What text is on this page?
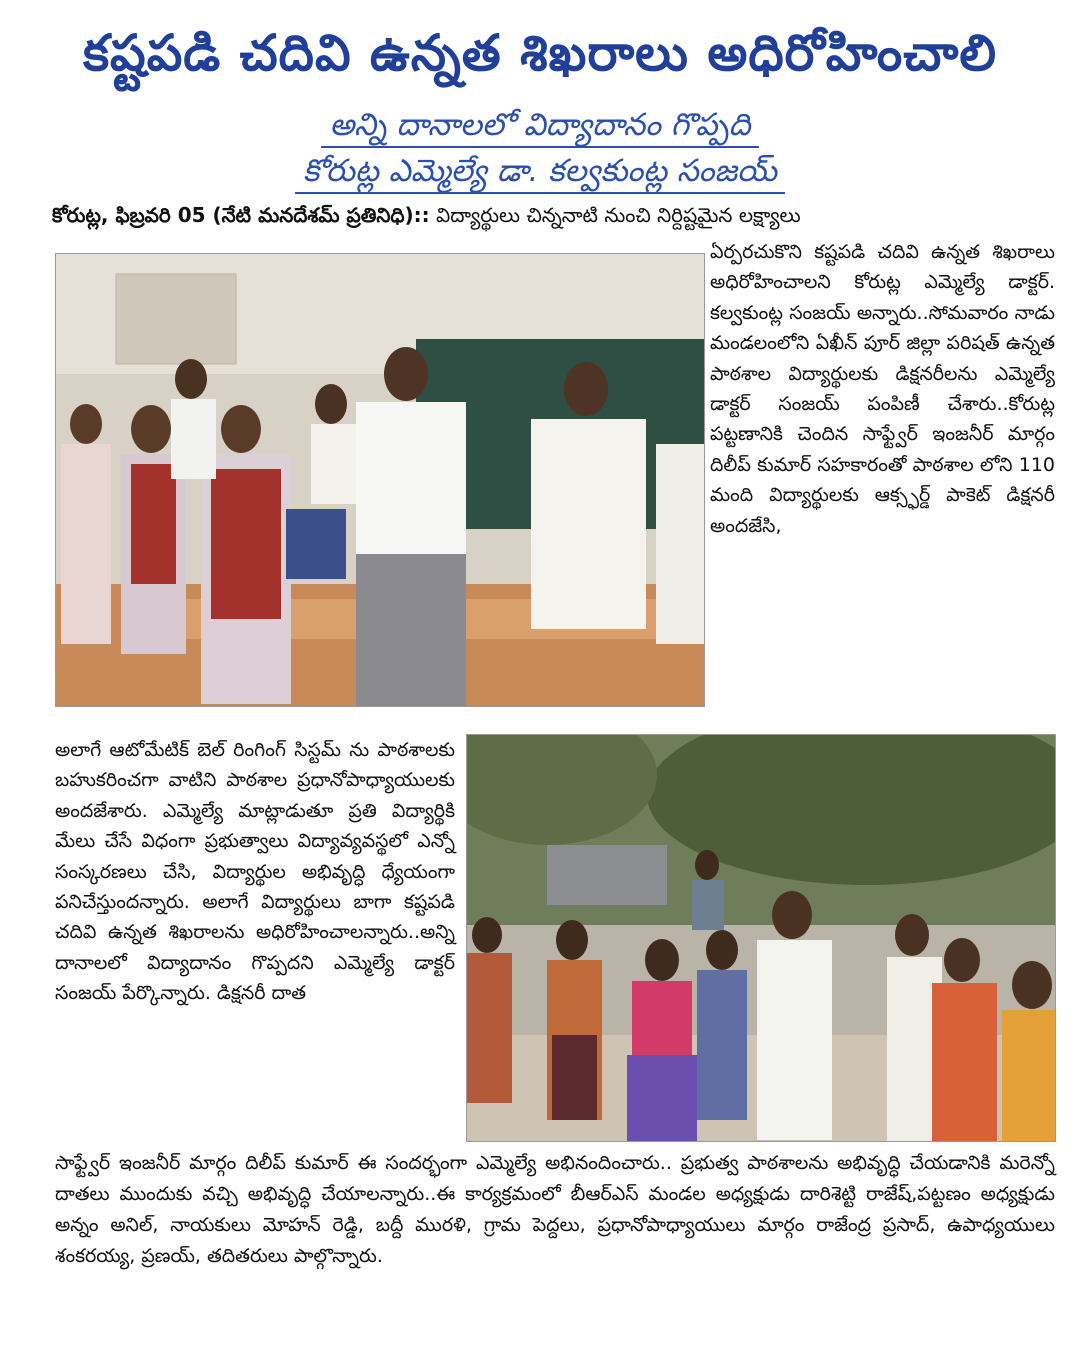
కష్టపడి చదివి ఉన్నత శిఖరాలు అధిరోహించాలి
అన్ని దానాలలో విద్యాదానం గొప్పది
కోరుట్ల ఎమ్మెల్యే డా. కల్వకుంట్ల సంజయ్
కోరుట్ల, ఫిబ్రవరి 05 (నేటి మనదేశమ్ ప్రతినిధి):: విద్యార్థులు చిన్ననాటి నుంచి నిర్దిష్టమైన లక్ష్యాలు

ఏర్పరచుకొని కష్టపడి చదివి ఉన్నత శిఖరాలు అధిరోహించాలని కోరుట్ల ఎమ్మెల్యే డాక్టర్. కల్వకుంట్ల సంజయ్ అన్నారు..సోమవారం నాడు మండలంలోని ఏఖీన్ పూర్ జిల్లా పరిషత్ ఉన్నత పాఠశాల విద్యార్థులకు డిక్షనరీలను ఎమ్మెల్యే డాక్టర్ సంజయ్ పంపిణీ చేశారు..కోరుట్ల పట్టణానికి చెందిన సాఫ్ట్వేర్ ఇంజనీర్ మార్గం దిలీప్ కుమార్ సహకారంతో పాఠశాల లోని 110 మంది విద్యార్థులకు ఆక్స్ఫర్డ్ పాకెట్ డిక్షనరీ అందజేసి,

అలాగే ఆటోమేటిక్ బెల్ రింగింగ్ సిస్టమ్ ను పాఠశాలకు బహుకరించగా వాటిని పాఠశాల ప్రధానోపాధ్యాయులకు అందజేశారు. ఎమ్మెల్యే మాట్లాడుతూ ప్రతి విద్యార్థికి మేలు చేసే విధంగా ప్రభుత్వాలు విద్యావ్యవస్థలో ఎన్నో సంస్కరణలు చేసి, విద్యార్థుల అభివృద్ధి ధ్యేయంగా పనిచేస్తుందన్నారు. అలాగే విద్యార్థులు బాగా కష్టపడి చదివి ఉన్నత శిఖరాలను అధిరోహించాలన్నారు..అన్ని దానాలలో విద్యాదానం గొప్పదని ఎమ్మెల్యే డాక్టర్ సంజయ్ పేర్కొన్నారు. డిక్షనరీ దాత

సాఫ్ట్వేర్ ఇంజనీర్ మార్గం దిలీప్ కుమార్ ఈ సందర్భంగా ఎమ్మెల్యే అభినందించారు.. ప్రభుత్వ పాఠశాలను అభివృద్ధి చేయడానికి మరెన్నో దాతలు ముందుకు వచ్చి అభివృద్ధి చేయాలన్నారు..ఈ కార్యక్రమంలో బీఆర్ఎస్ మండల అధ్యక్షుడు దారిశెట్టి రాజేష్,పట్టణం అధ్యక్షుడు అన్నం అనిల్, నాయకులు మోహన్ రెడ్డి, బద్దీ మురళి, గ్రామ పెద్దలు, ప్రధానోపాధ్యాయులు మార్గం రాజేంద్ర ప్రసాద్, ఉపాధ్యయులు శంకరయ్య, ప్రణయ్, తదితరులు పాల్గొన్నారు.
